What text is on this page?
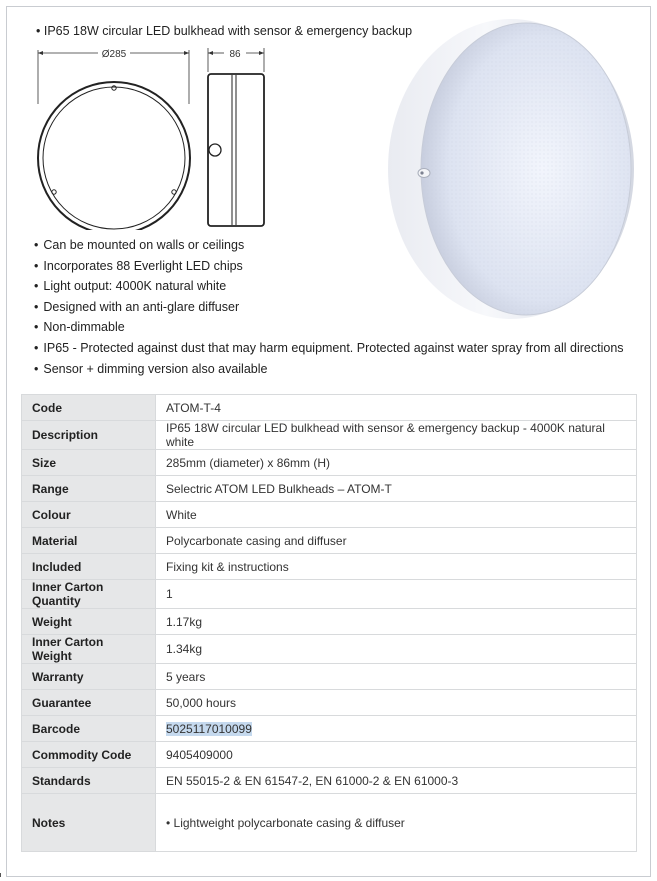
• IP65 18W circular LED bulkhead with sensor & emergency backup
Ø285	86
• Can be mounted on walls or ceilings
• Incorporates 88 Everlight LED chips
• Light output: 4000K natural white
• Designed with an anti-glare diffuser
• Non-dimmable
• IP65 - Protected against dust that may harm equipment. Protected against water spray from all directions
• Sensor + dimming version also available
Code	ATOM-T-4
Description	IP65 18W circular LED bulkhead with sensor & emergency backup - 4000K natural white
Size	285mm (diameter) x 86mm (H)
Range	Selectric ATOM LED Bulkheads – ATOM-T
Colour	White
Material	Polycarbonate casing and diffuser
Included	Fixing kit & instructions
Inner Carton Quantity	1
Weight	1.17kg
Inner Carton Weight	1.34kg
Warranty	5 years
Guarantee	50,000 hours
Barcode	5025117010099
Commodity Code	9405409000
Standards	EN 55015-2 & EN 61547-2, EN 61000-2 & EN 61000-3
Notes	• Lightweight polycarbonate casing & diffuser
